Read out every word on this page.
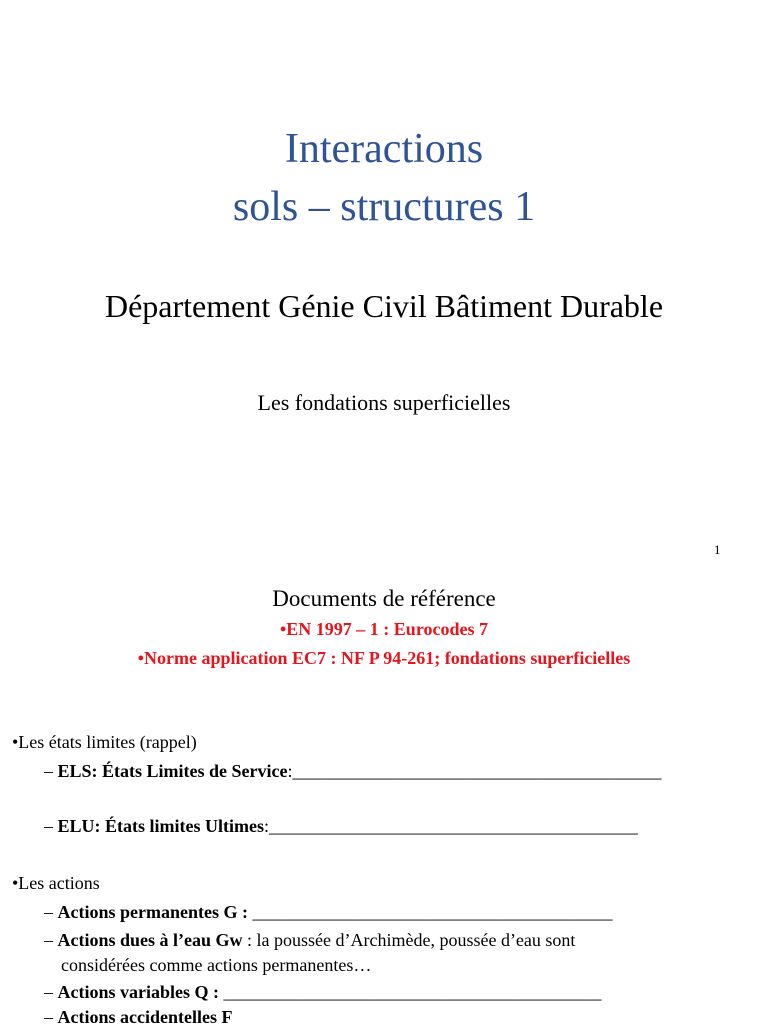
Interactions
sols – structures 1
Département Génie Civil Bâtiment Durable
Les fondations superficielles
1
Documents de référence
•EN 1997 – 1 : Eurocodes 7
•Norme application EC7 : NF P 94-261; fondations superficielles
•Les états limites (rappel)
– ELS: États Limites de Service:_________________________________________
– ELU: États limites Ultimes:_________________________________________
•Les actions
– Actions permanentes G : ________________________________________
– Actions dues à l’eau Gw : la poussée d’Archimède, poussée d’eau sont
considérées comme actions permanentes…
– Actions variables Q : __________________________________________
– Actions accidentelles F
